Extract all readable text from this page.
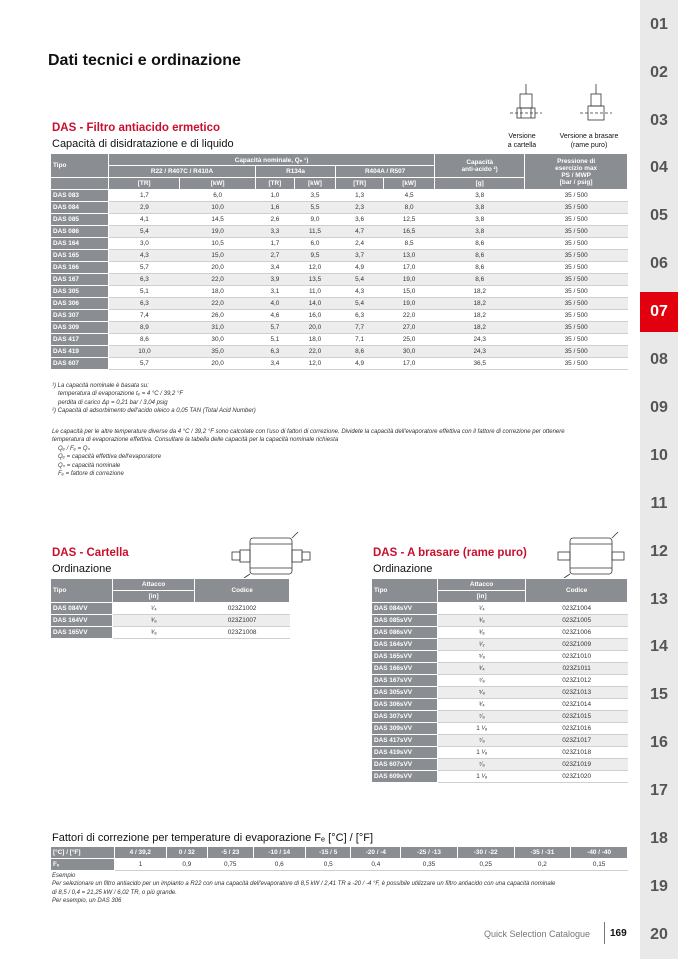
Dati tecnici e ordinazione
01
02
03
04
05
06
07
08
09
10
11
12
13
14
15
16
17
18
19
20
DAS - Filtro antiacido ermetico
Capacità di disidratazione e di liquido
Versione
a cartella
Versione a brasare
(rame puro)
Tipo	Capacità nominale, Qₙ ¹)						Capacità
anti-acido ²)	Pressione di
esercizio max
PS / MWP
[bar / psig]
	R22 / R407C / R410A		R134a		R404A / R507			
	[TR]	[kW]	[TR]	[kW]	[TR]	[kW]	[g]	
DAS 083	1,7	6,0	1,0	3,5	1,3	4,5	3,8	35 / 500
DAS 084	2,9	10,0	1,6	5,5	2,3	8,0	3,8	35 / 500
DAS 085	4,1	14,5	2,6	9,0	3,6	12,5	3,8	35 / 500
DAS 086	5,4	19,0	3,3	11,5	4,7	16,5	3,8	35 / 500
DAS 164	3,0	10,5	1,7	6,0	2,4	8,5	8,6	35 / 500
DAS 165	4,3	15,0	2,7	9,5	3,7	13,0	8,6	35 / 500
DAS 166	5,7	20,0	3,4	12,0	4,9	17,0	8,6	35 / 500
DAS 167	6,3	22,0	3,9	13,5	5,4	19,0	8,6	35 / 500
DAS 305	5,1	18,0	3,1	11,0	4,3	15,0	18,2	35 / 500
DAS 306	6,3	22,0	4,0	14,0	5,4	19,0	18,2	35 / 500
DAS 307	7,4	26,0	4,6	16,0	6,3	22,0	18,2	35 / 500
DAS 309	8,9	31,0	5,7	20,0	7,7	27,0	18,2	35 / 500
DAS 417	8,6	30,0	5,1	18,0	7,1	25,0	24,3	35 / 500
DAS 419	10,0	35,0	6,3	22,0	8,6	30,0	24,3	35 / 500
DAS 607	5,7	20,0	3,4	12,0	4,9	17,0	36,5	35 / 500
¹) La capacità nominale è basata su:
temperatura di evaporazione tₑ = 4 °C / 39,2 °F
perdita di carico Δp = 0,21 bar / 3,04 psig
²) Capacità di adsorbimento dell'acido oleico a 0,05 TAN (Total Acid Number)
Le capacità per le altre temperature diverse da 4 °C / 39,2 °F sono calcolate con l'uso di fattori di correzione. Dividete la capacità dell'evaporatore effettiva con il fattore di correzione per ottenere
temperatura di evaporazione effettiva. Consultare la tabella delle capacità per la capacità nominale richiesta
Qₑ / Fₑ = Qₙ
Qₑ = capacità effettiva dell'evaporatore
Qₙ = capacità nominale
Fₑ = fattore di correzione
DAS - Cartella
Ordinazione
Tipo	Attacco	Codice
	[in]	
DAS 084VV	¹⁄₄	023Z1002
DAS 164VV	³⁄₈	023Z1007
DAS 165VV	³⁄₈	023Z1008
DAS - A brasare (rame puro)
Ordinazione
Tipo	Attacco	Codice
	[in]	
DAS 084sVV	¹⁄₄	023Z1004
DAS 085sVV	³⁄₈	023Z1005
DAS 086sVV	³⁄₈	023Z1006
DAS 164sVV	¹⁄₂	023Z1009
DAS 165sVV	⁵⁄₈	023Z1010
DAS 166sVV	³⁄₄	023Z1011
DAS 167sVV	⁷⁄₈	023Z1012
DAS 305sVV	⁵⁄₈	023Z1013
DAS 306sVV	³⁄₄	023Z1014
DAS 307sVV	⁷⁄₈	023Z1015
DAS 309sVV	1 ¹⁄₈	023Z1016
DAS 417sVV	⁷⁄₈	023Z1017
DAS 419sVV	1 ¹⁄₈	023Z1018
DAS 607sVV	⁷⁄₈	023Z1019
DAS 609sVV	1 ¹⁄₈	023Z1020
Fattori di correzione per temperature di evaporazione Fₑ [°C] / [°F]
[°C] / [°F]	4 / 39,2	0 / 32	-5 / 23	-10 / 14	-15 / 5	-20 / -4	-25 / -13	-30 / -22	-35 / -31	-40 / -40
Fₑ	1	0,9	0,75	0,6	0,5	0,4	0,35	0,25	0,2	0,15
Esempio
Per selezionare un filtro antiacido per un impianto a R22 con una capacità dell'evaporatore di 8,5 kW / 2,41 TR a -20 / -4 °F, è possibile utilizzare un filtro antiacido con una capacità nominale
di 8,5 / 0,4 = 21,25 kW / 6,02 TR, o più grande.
Per esempio, un DAS 306
Quick Selection Catalogue 169
